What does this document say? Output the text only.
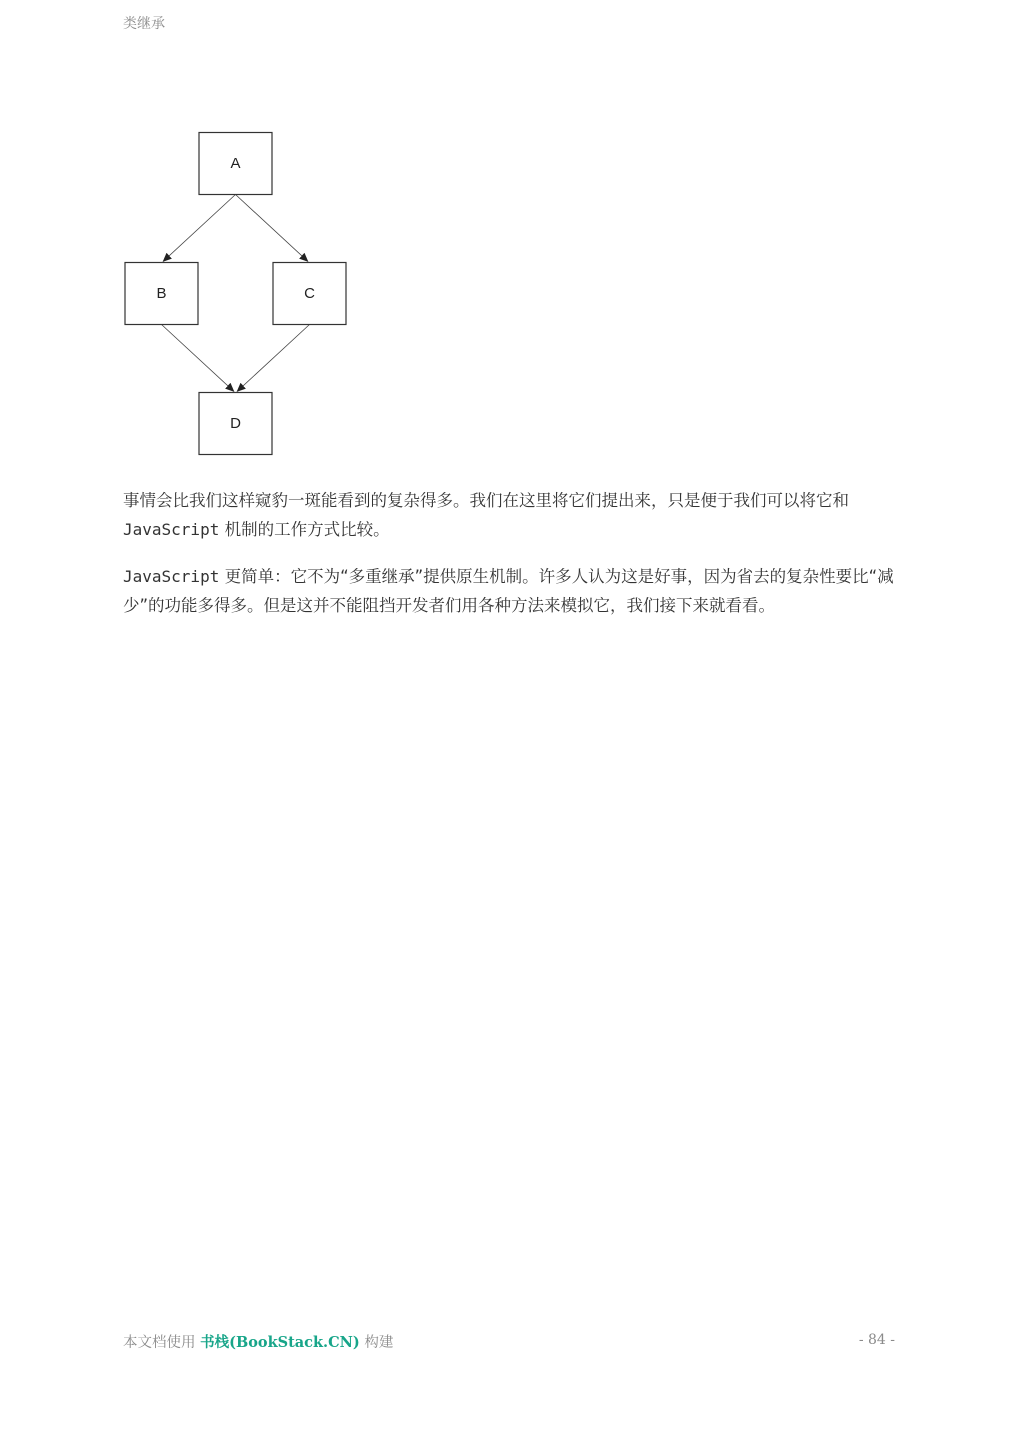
类继承
A
B	C
D

事情会比我们这样窥豹一斑能看到的复杂得多。我们在这里将它们提出来，只是便于我们可以将它和
JavaScript 机制的工作方式比较。

JavaScript 更简单：它不为“多重继承”提供原生机制。许多人认为这是好事，因为省去的复杂性要比“减少”的功能多得多。但是这并不能阻挡开发者们用各种方法来模拟它，我们接下来就看看。

本文档使用 书栈(BookStack.CN) 构建	- 84 -
